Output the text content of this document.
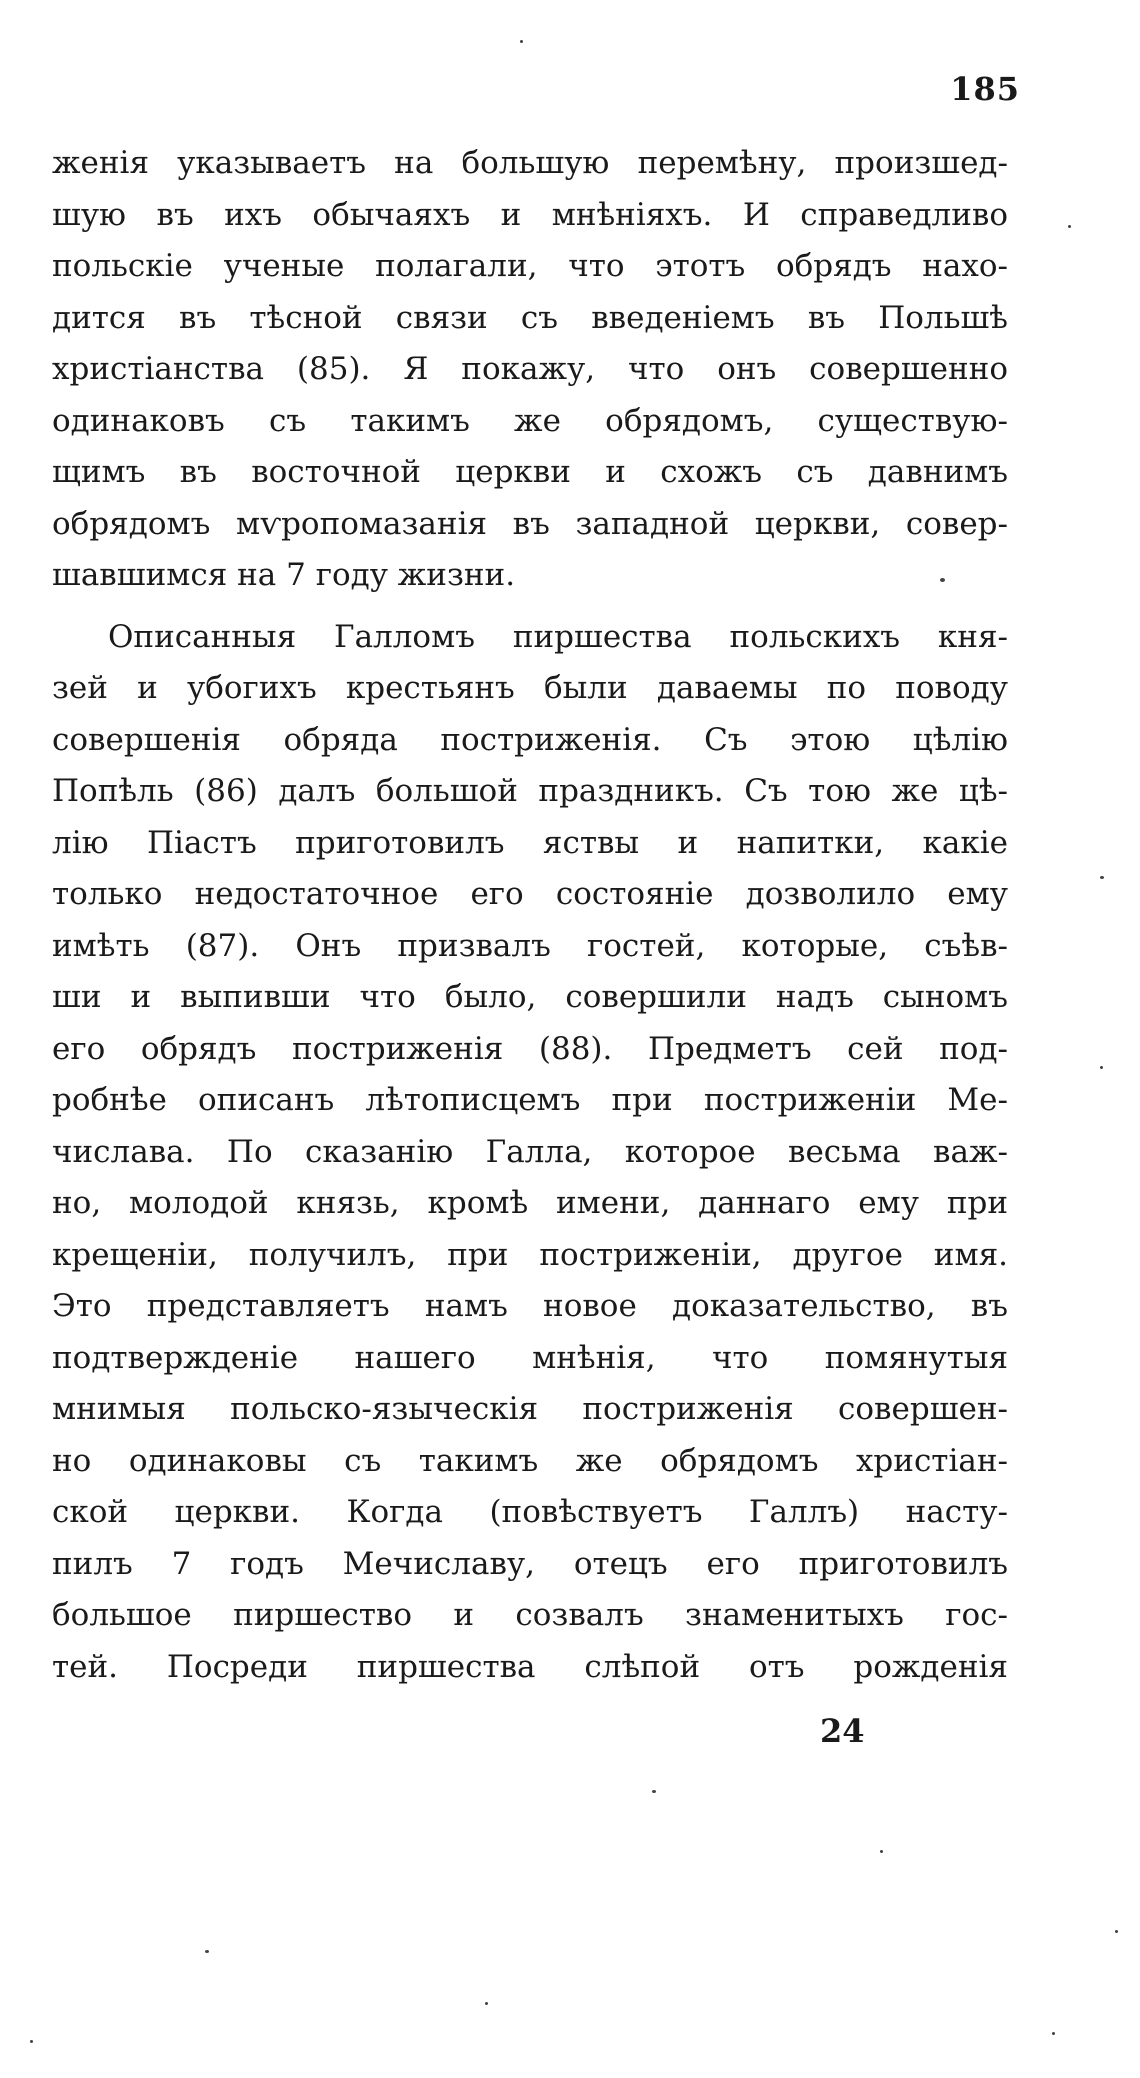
185
женія указываетъ на большую перемѣну, произшед-
шую въ ихъ обычаяхъ и мнѣніяхъ. И справедливо
польскіе ученые полагали, что этотъ обрядъ нахо-
дится въ тѣсной связи съ введеніемъ въ Польшѣ
христіанства (85). Я покажу, что онъ совершенно
одинаковъ съ такимъ же обрядомъ, существую-
щимъ въ восточной церкви и схожъ съ давнимъ
обрядомъ мѵропомазанія въ западной церкви, совер-
шавшимся на 7 году жизни.
Описанныя Галломъ пиршества польскихъ кня-
зей и убогихъ крестьянъ были даваемы по поводу
совершенія обряда постриженія. Съ этою цѣлію
Попѣль (86) далъ большой праздникъ. Съ тою же цѣ-
лію Піастъ приготовилъ яствы и напитки, какіе
только недостаточное его состояніе дозволило ему
имѣть (87). Онъ призвалъ гостей, которые, съѣв-
ши и выпивши что было, совершили надъ сыномъ
его обрядъ постриженія (88). Предметъ сей под-
робнѣе описанъ лѣтописцемъ при постриженіи Ме-
числава. По сказанію Галла, которое весьма важ-
но, молодой князь, кромѣ имени, даннаго ему при
крещеніи, получилъ, при постриженіи, другое имя.
Это представляетъ намъ новое доказательство, въ
подтвержденіе нашего мнѣнія, что помянутыя
мнимыя польско-языческія постриженія совершен-
но одинаковы съ такимъ же обрядомъ христіан-
ской церкви. Когда (повѣствуетъ Галлъ) насту-
пилъ 7 годъ Мечиславу, отецъ его приготовилъ
большое пиршество и созвалъ знаменитыхъ гос-
тей. Посреди пиршества слѣпой отъ рожденія
24
